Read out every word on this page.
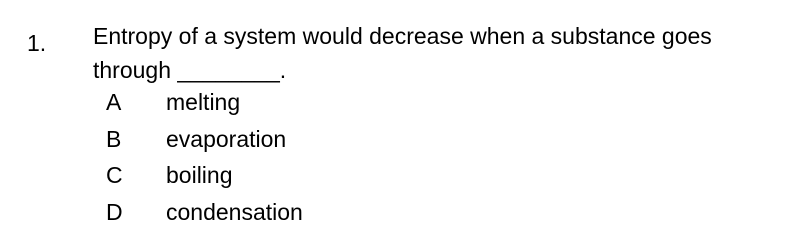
1. Entropy of a system would decrease when a substance goes
through ________.
A	melting
B	evaporation
C	boiling
D	condensation
